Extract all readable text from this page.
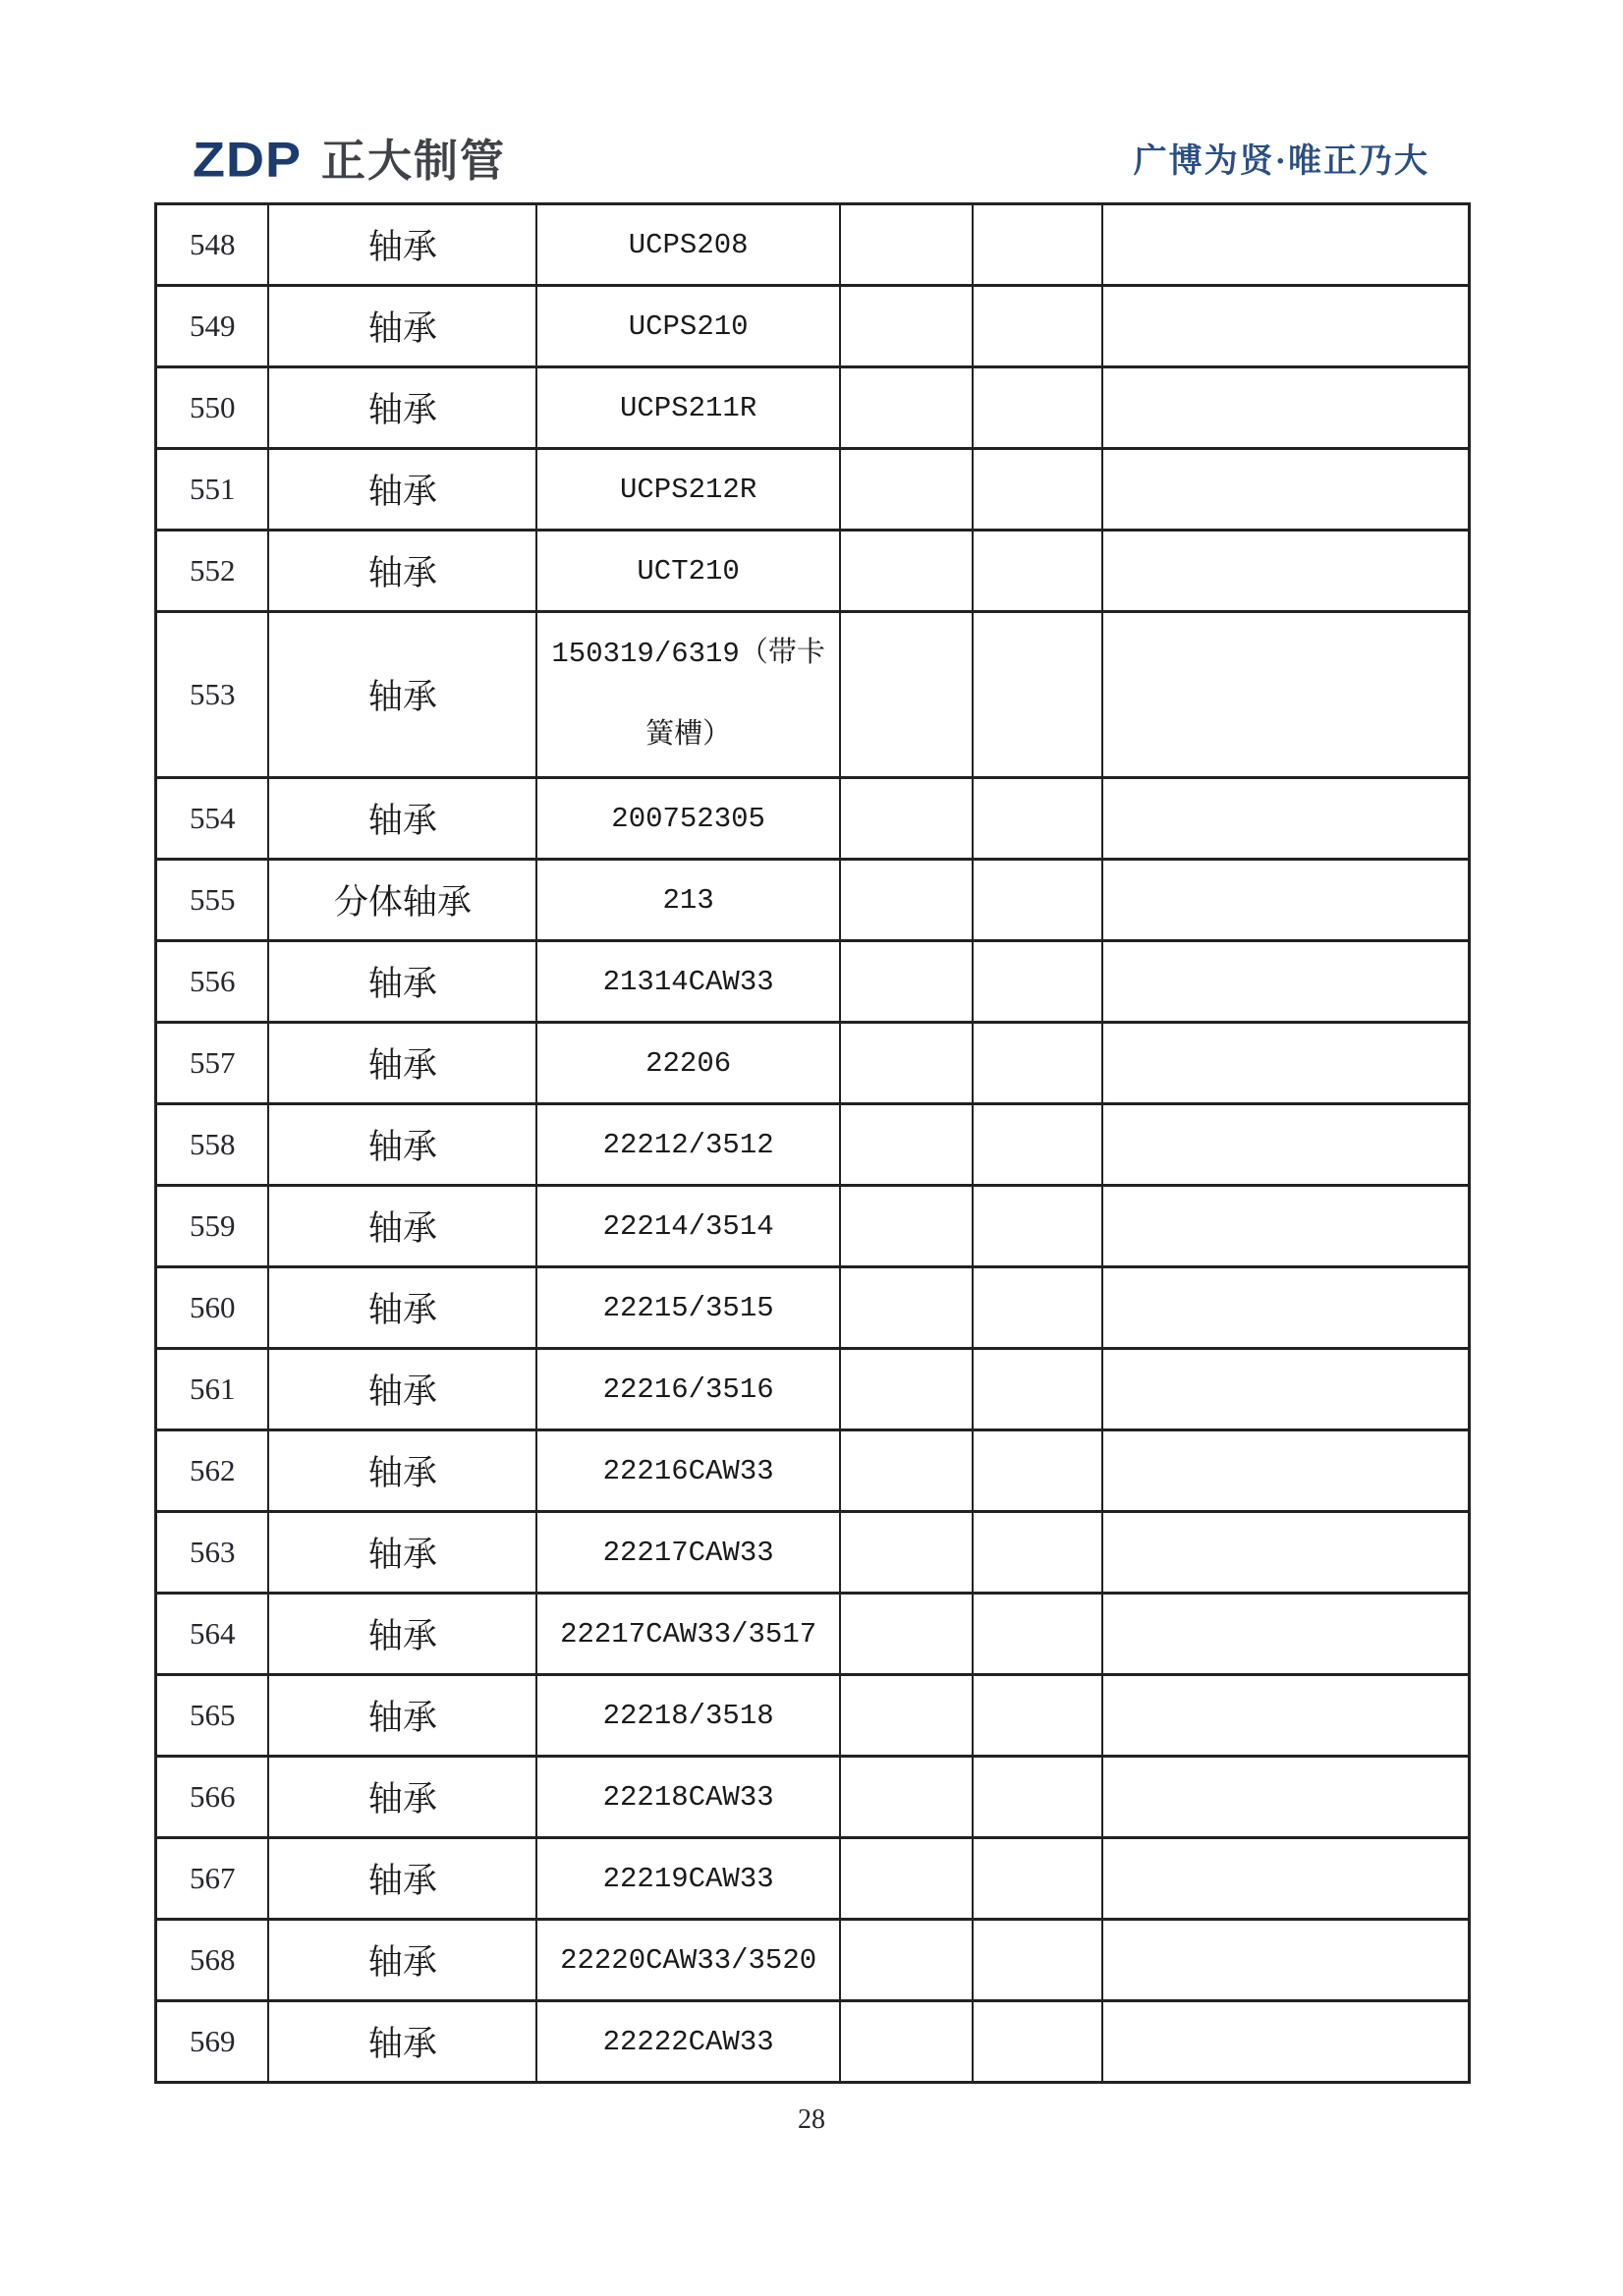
ZDP 正大制管	广博为贤·唯正乃大
548	轴承	UCPS208			
549	轴承	UCPS210			
550	轴承	UCPS211R			
551	轴承	UCPS212R			
552	轴承	UCT210			
553	轴承	150319/6319（带卡簧槽）			
554	轴承	200752305			
555	分体轴承	213			
556	轴承	21314CAW33			
557	轴承	22206			
558	轴承	22212/3512			
559	轴承	22214/3514			
560	轴承	22215/3515			
561	轴承	22216/3516			
562	轴承	22216CAW33			
563	轴承	22217CAW33			
564	轴承	22217CAW33/3517			
565	轴承	22218/3518			
566	轴承	22218CAW33			
567	轴承	22219CAW33			
568	轴承	22220CAW33/3520			
569	轴承	22222CAW33			
28
